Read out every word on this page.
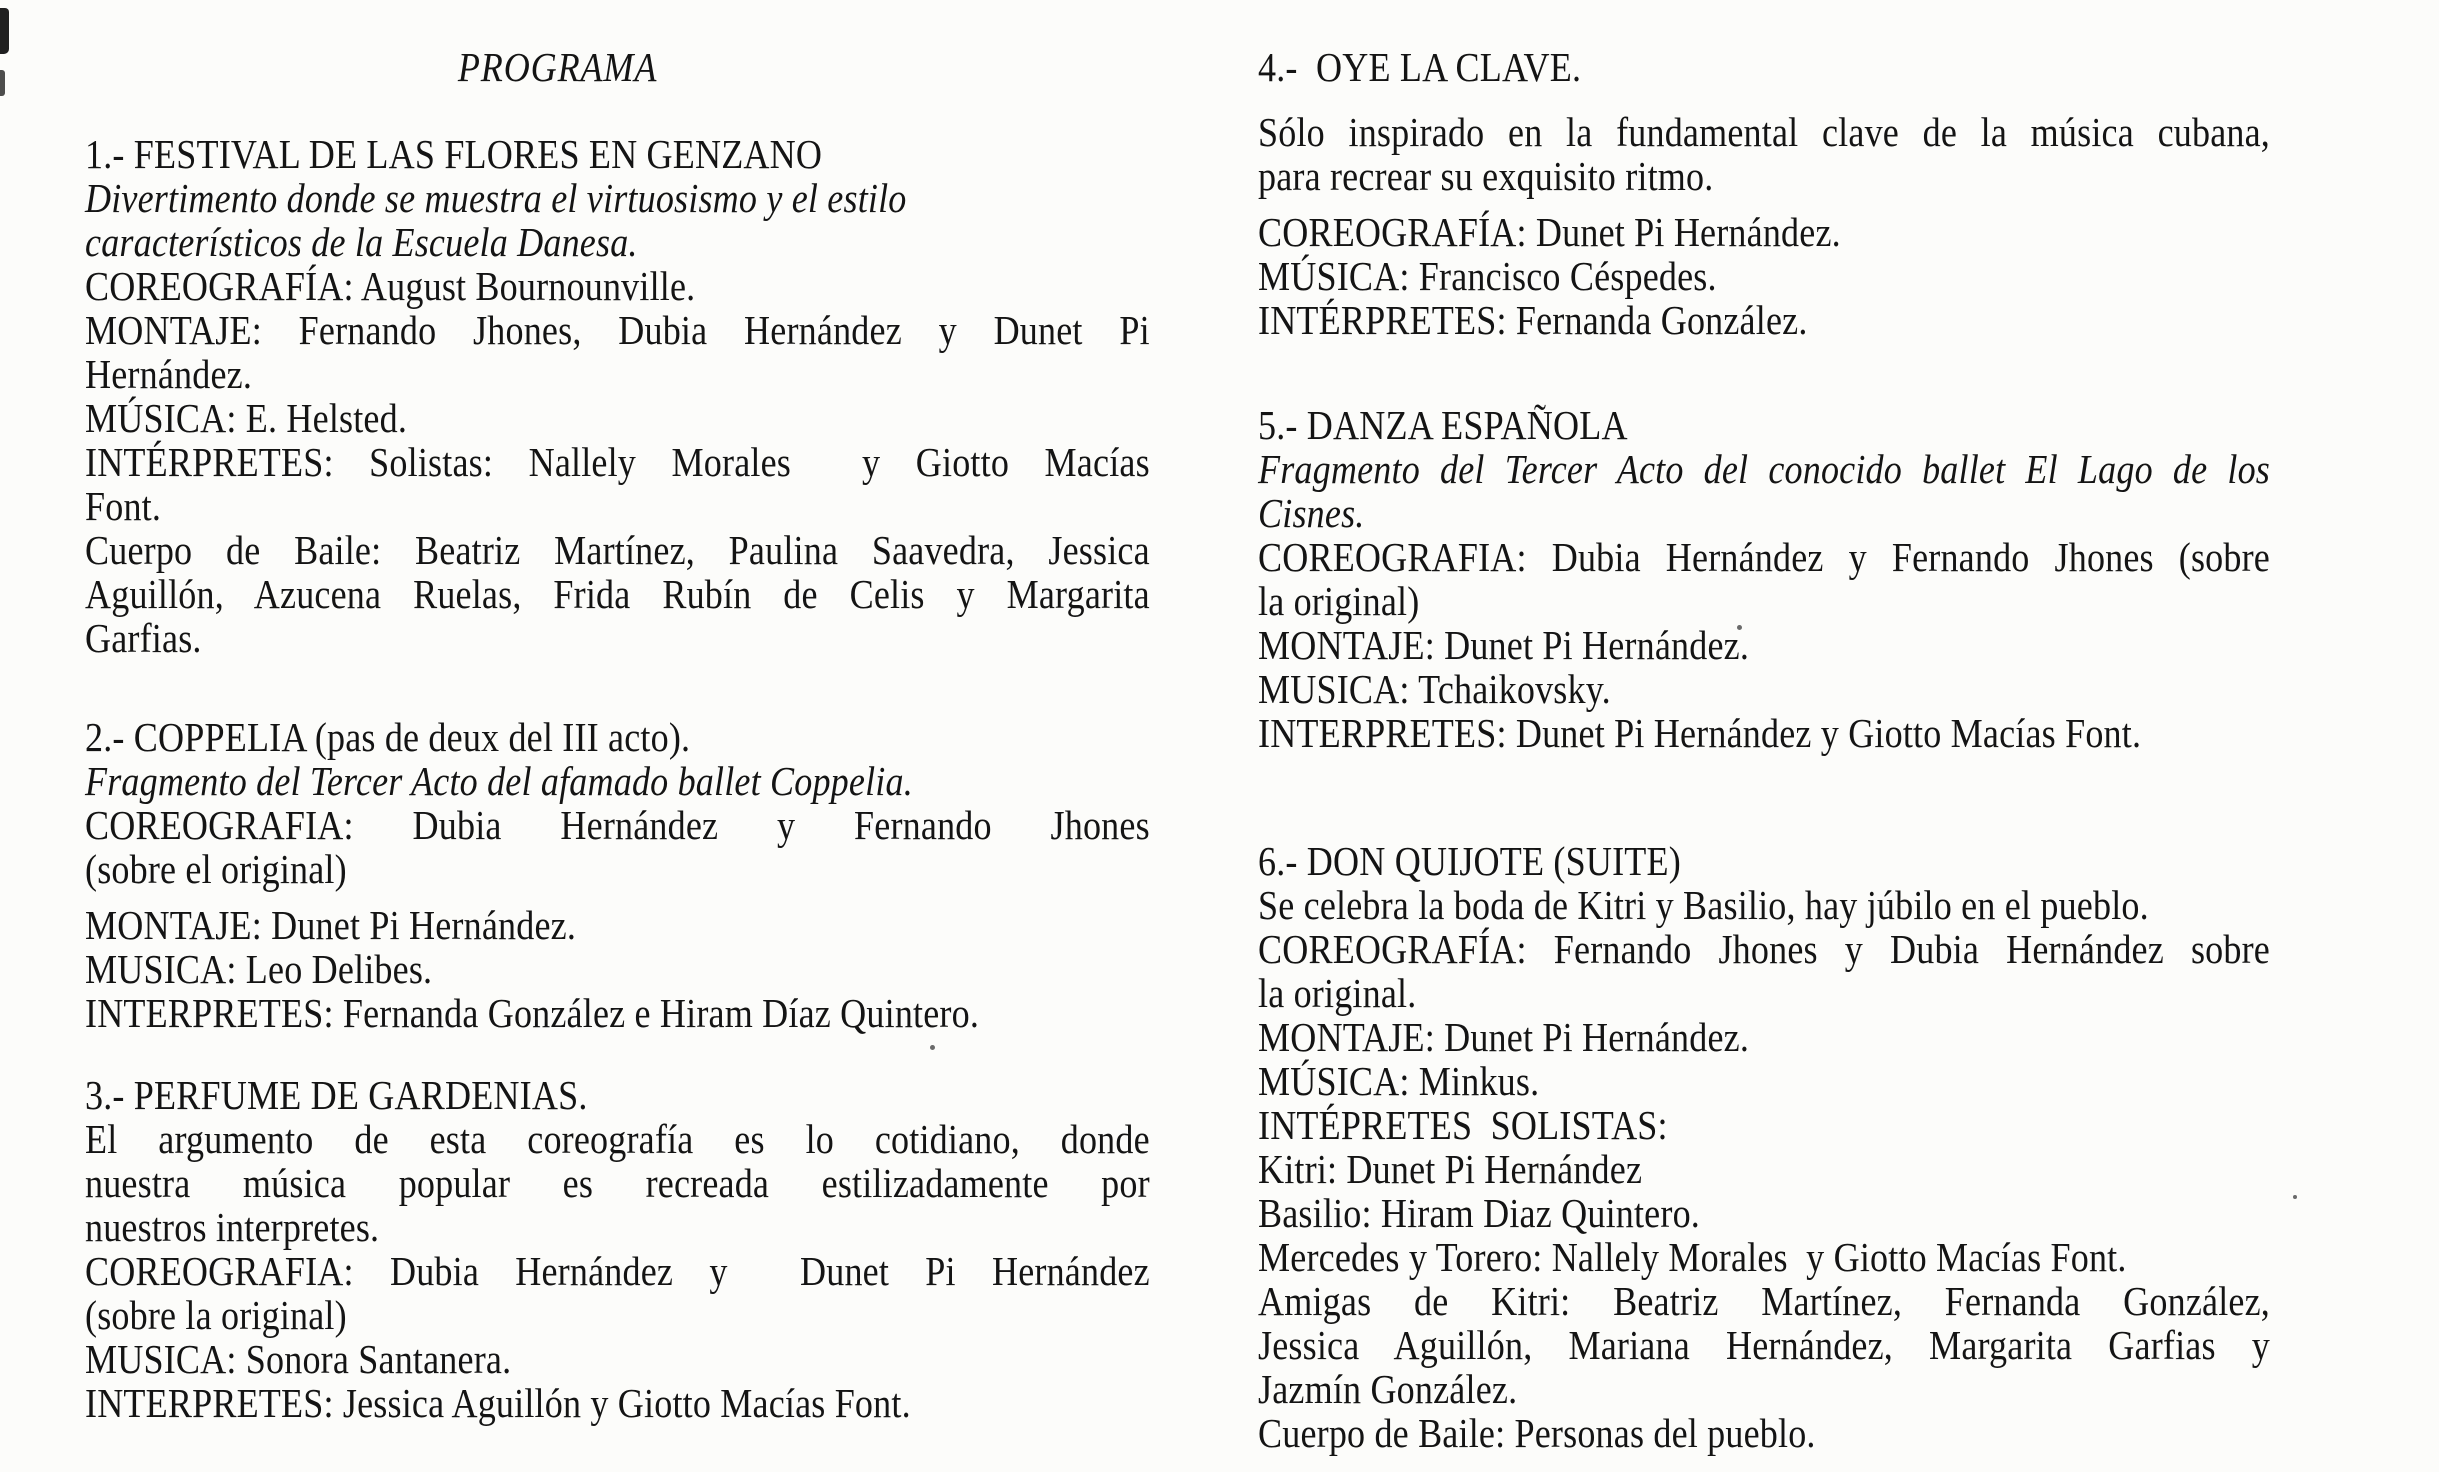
PROGRAMA
1.- FESTIVAL DE LAS FLORES EN GENZANO
Divertimento donde se muestra el virtuosismo y el estilo
característicos de la Escuela Danesa.
COREOGRAFÍA: August Bournounville.
MONTAJE: Fernando Jhones, Dubia Hernández y Dunet Pi
Hernández.
MÚSICA: E. Helsted.
INTÉRPRETES: Solistas: Nallely Morales  y Giotto Macías
Font.
Cuerpo de Baile: Beatriz Martínez, Paulina Saavedra, Jessica
Aguillón, Azucena Ruelas, Frida Rubín de Celis y Margarita
Garfias.
2.- COPPELIA (pas de deux del III acto).
Fragmento del Tercer Acto del afamado ballet Coppelia.
COREOGRAFIA: Dubia Hernández y Fernando Jhones
(sobre el original)
MONTAJE: Dunet Pi Hernández.
MUSICA: Leo Delibes.
INTERPRETES: Fernanda González e Hiram Díaz Quintero.
3.- PERFUME DE GARDENIAS.
El argumento de esta coreografía es lo cotidiano, donde
nuestra música popular es recreada estilizadamente por
nuestros interpretes.
COREOGRAFIA: Dubia Hernández y  Dunet Pi Hernández
(sobre la original)
MUSICA: Sonora Santanera.
INTERPRETES: Jessica Aguillón y Giotto Macías Font.
4.-  OYE LA CLAVE.
Sólo inspirado en la fundamental clave de la música cubana,
para recrear su exquisito ritmo.
COREOGRAFÍA: Dunet Pi Hernández.
MÚSICA: Francisco Céspedes.
INTÉRPRETES: Fernanda González.
5.- DANZA ESPAÑOLA
Fragmento del Tercer Acto del conocido ballet El Lago de los
Cisnes.
COREOGRAFIA: Dubia Hernández y Fernando Jhones (sobre
la original)
MONTAJE: Dunet Pi Hernández.
MUSICA: Tchaikovsky.
INTERPRETES: Dunet Pi Hernández y Giotto Macías Font.
6.- DON QUIJOTE (SUITE)
Se celebra la boda de Kitri y Basilio, hay júbilo en el pueblo.
COREOGRAFÍA: Fernando Jhones y Dubia Hernández sobre
la original.
MONTAJE: Dunet Pi Hernández.
MÚSICA: Minkus.
INTÉPRETES  SOLISTAS:
Kitri: Dunet Pi Hernández
Basilio: Hiram Diaz Quintero.
Mercedes y Torero: Nallely Morales  y Giotto Macías Font.
Amigas de Kitri: Beatriz Martínez, Fernanda González,
Jessica Aguillón, Mariana Hernández, Margarita Garfias y
Jazmín González.
Cuerpo de Baile: Personas del pueblo.
